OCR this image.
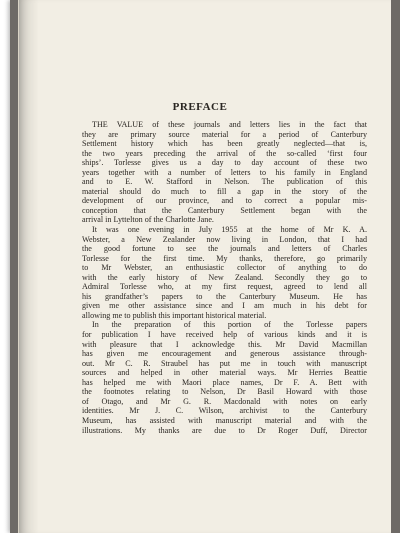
PREFACE
THE VALUE of these journals and letters lies in the fact that
they are primary source material for a period of Canterbury
Settlement history which has been greatly neglected—that is,
the two years preceding the arrival of the so-called ‘first four
ships’. Torlesse gives us a day to day account of these two
years together with a number of letters to his family in England
and to E. W. Stafford in Nelson. The publication of this
material should do much to fill a gap in the story of the
development of our province, and to correct a popular mis-
conception that the Canterbury Settlement began with the
arrival in Lyttelton of the Charlotte Jane.
It was one evening in July 1955 at the home of Mr K. A.
Webster, a New Zealander now living in London, that I had
the good fortune to see the journals and letters of Charles
Torlesse for the first time. My thanks, therefore, go primarily
to Mr Webster, an enthusiastic collector of anything to do
with the early history of New Zealand. Secondly they go to
Admiral Torlesse who, at my first request, agreed to lend all
his grandfather’s papers to the Canterbury Museum. He has
given me other assistance since and I am much in his debt for
allowing me to publish this important historical material.
In the preparation of this portion of the Torlesse papers
for publication I have received help of various kinds and it is
with pleasure that I acknowledge this. Mr David Macmillan
has given me encouragement and generous assistance through-
out. Mr C. R. Straubel has put me in touch with manuscript
sources and helped in other material ways. Mr Herries Beattie
has helped me with Maori place names, Dr F. A. Bett with
the footnotes relating to Nelson, Dr Basil Howard with those
of Otago, and Mr G. R. Macdonald with notes on early
identities. Mr J. C. Wilson, archivist to the Canterbury
Museum, has assisted with manuscript material and with the
illustrations. My thanks are due to Dr Roger Duff, Director
